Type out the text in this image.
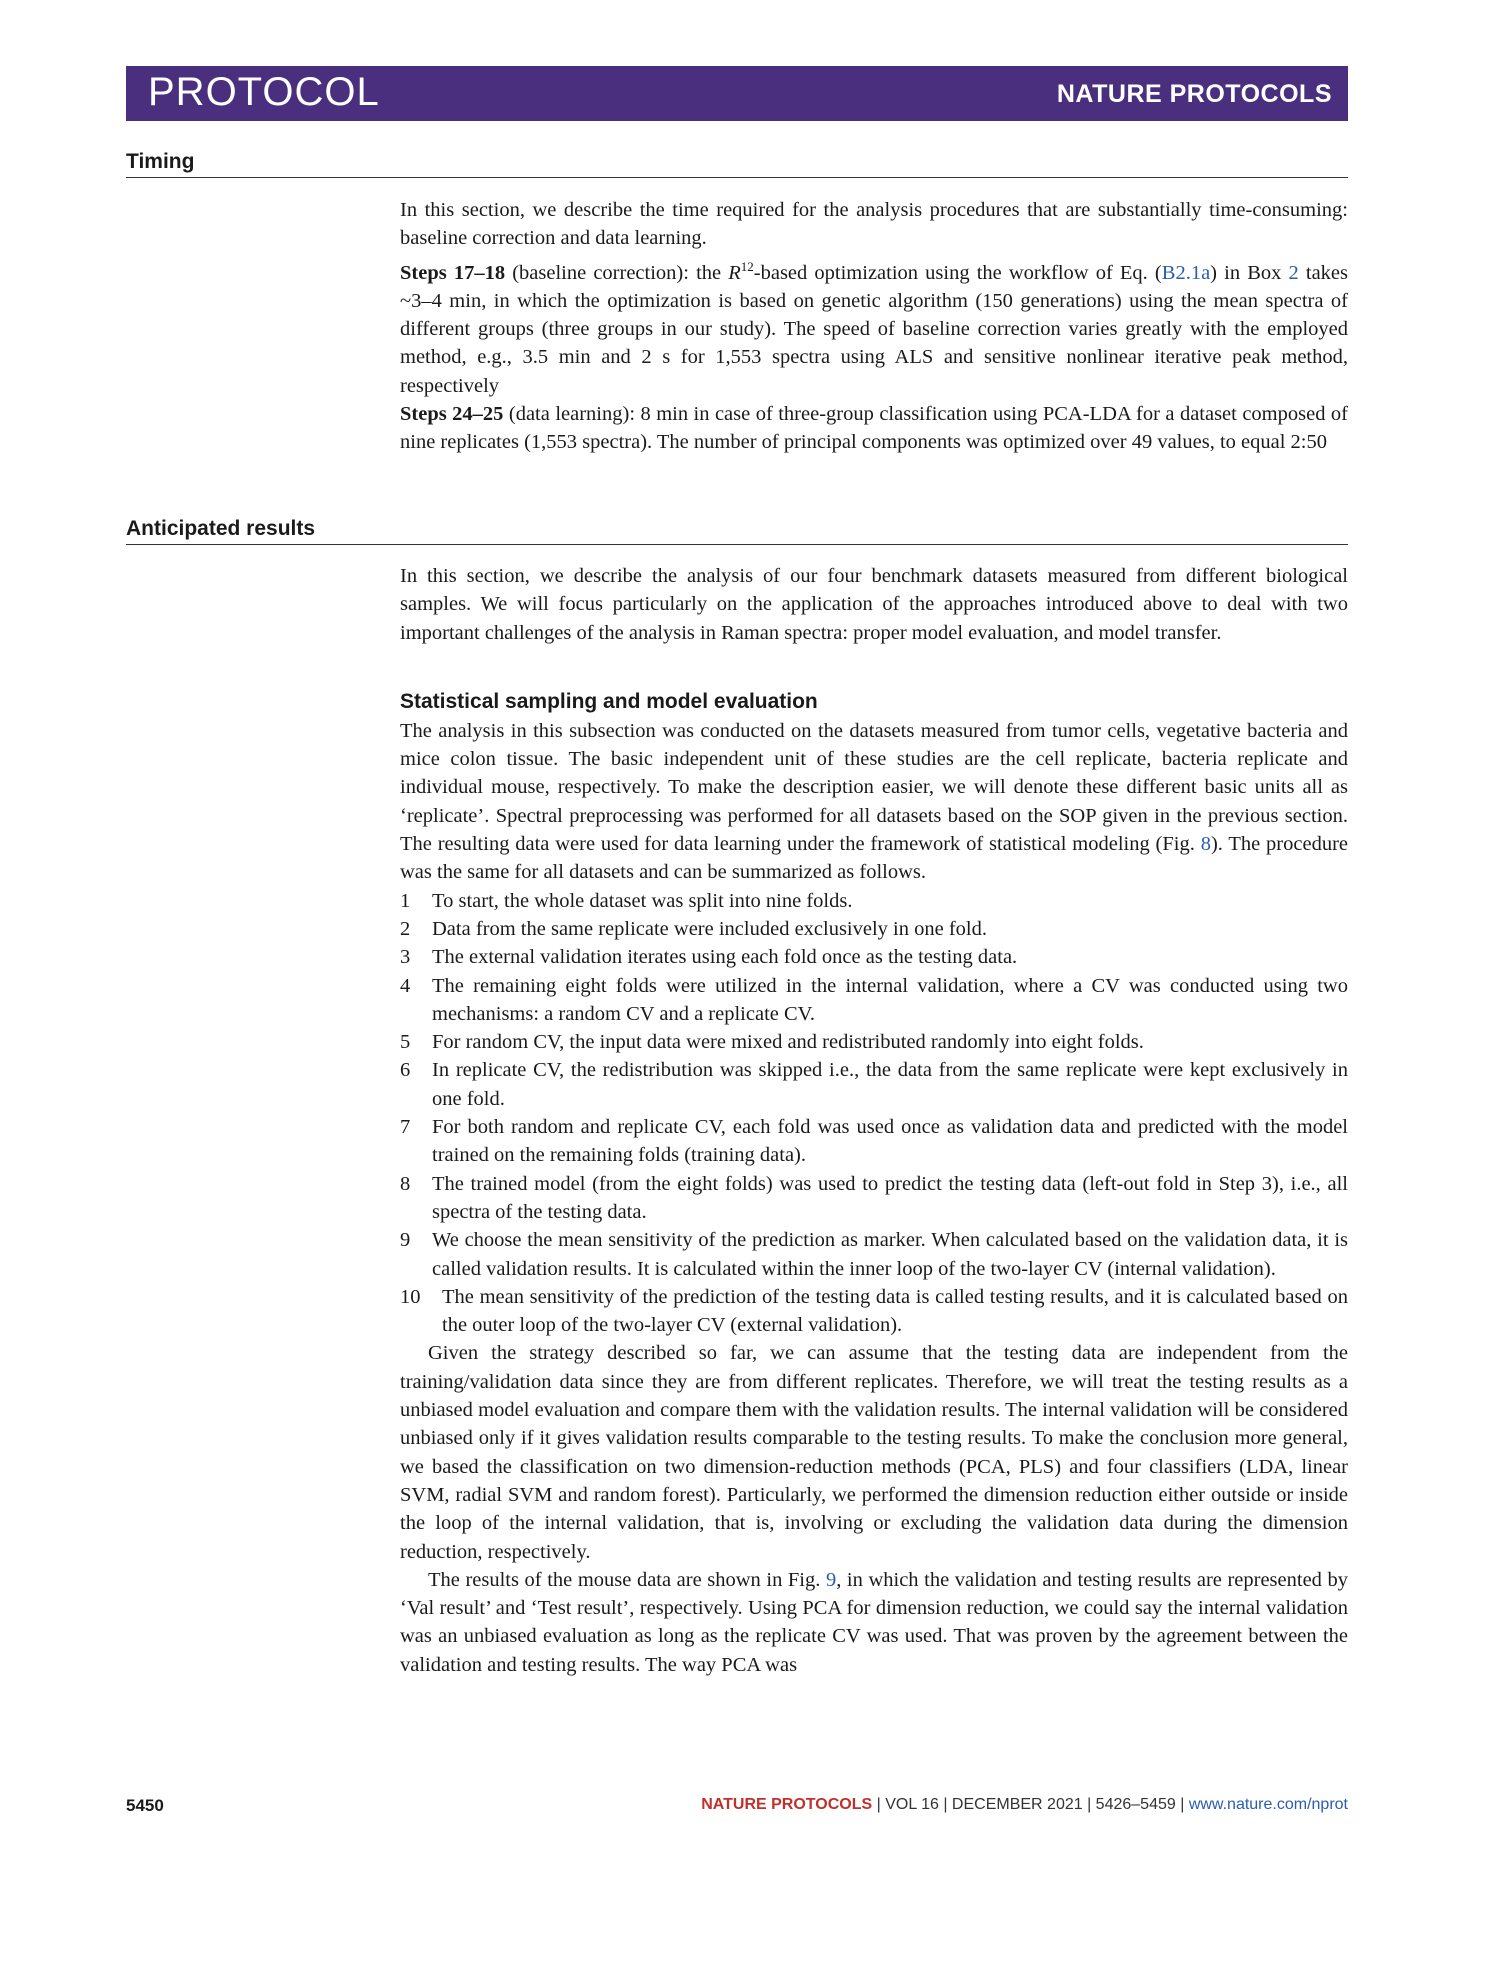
PROTOCOL	NATURE PROTOCOLS
Timing

In this section, we describe the time required for the analysis procedures that are substantially time-consuming: baseline correction and data learning.

Steps 17–18 (baseline correction): the $R^{12}$-based optimization using the workflow of Eq. (B2.1a) in Box 2 takes ~3–4 min, in which the optimization is based on genetic algorithm (150 generations) using the mean spectra of different groups (three groups in our study). The speed of baseline correction varies greatly with the employed method, e.g., 3.5 min and 2 s for 1,553 spectra using ALS and sensitive nonlinear iterative peak method, respectively

Steps 24–25 (data learning): 8 min in case of three-group classification using PCA-LDA for a dataset composed of nine replicates (1,553 spectra). The number of principal components was optimized over 49 values, to equal 2:50

Anticipated results

In this section, we describe the analysis of our four benchmark datasets measured from different biological samples. We will focus particularly on the application of the approaches introduced above to deal with two important challenges of the analysis in Raman spectra: proper model evaluation, and model transfer.

Statistical sampling and model evaluation

The analysis in this subsection was conducted on the datasets measured from tumor cells, vegetative bacteria and mice colon tissue. The basic independent unit of these studies are the cell replicate, bacteria replicate and individual mouse, respectively. To make the description easier, we will denote these different basic units all as ‘replicate’. Spectral preprocessing was performed for all datasets based on the SOP given in the previous section. The resulting data were used for data learning under the framework of statistical modeling (Fig. 8). The procedure was the same for all datasets and can be summarized as follows.

1 To start, the whole dataset was split into nine folds.
2 Data from the same replicate were included exclusively in one fold.
3 The external validation iterates using each fold once as the testing data.
4 The remaining eight folds were utilized in the internal validation, where a CV was conducted using two mechanisms: a random CV and a replicate CV.
5 For random CV, the input data were mixed and redistributed randomly into eight folds.
6 In replicate CV, the redistribution was skipped i.e., the data from the same replicate were kept exclusively in one fold.
7 For both random and replicate CV, each fold was used once as validation data and predicted with the model trained on the remaining folds (training data).
8 The trained model (from the eight folds) was used to predict the testing data (left-out fold in Step 3), i.e., all spectra of the testing data.
9 We choose the mean sensitivity of the prediction as marker. When calculated based on the validation data, it is called validation results. It is calculated within the inner loop of the two-layer CV (internal validation).
10 The mean sensitivity of the prediction of the testing data is called testing results, and it is calculated based on the outer loop of the two-layer CV (external validation).

Given the strategy described so far, we can assume that the testing data are independent from the training/validation data since they are from different replicates. Therefore, we will treat the testing results as a unbiased model evaluation and compare them with the validation results. The internal validation will be considered unbiased only if it gives validation results comparable to the testing results. To make the conclusion more general, we based the classification on two dimension-reduction methods (PCA, PLS) and four classifiers (LDA, linear SVM, radial SVM and random forest). Particularly, we performed the dimension reduction either outside or inside the loop of the internal validation, that is, involving or excluding the validation data during the dimension reduction, respectively.

The results of the mouse data are shown in Fig. 9, in which the validation and testing results are represented by ‘Val result’ and ‘Test result’, respectively. Using PCA for dimension reduction, we could say the internal validation was an unbiased evaluation as long as the replicate CV was used. That was proven by the agreement between the validation and testing results. The way PCA was

5450	NATURE PROTOCOLS | VOL 16 | DECEMBER 2021 | 5426–5459 | www.nature.com/nprot
